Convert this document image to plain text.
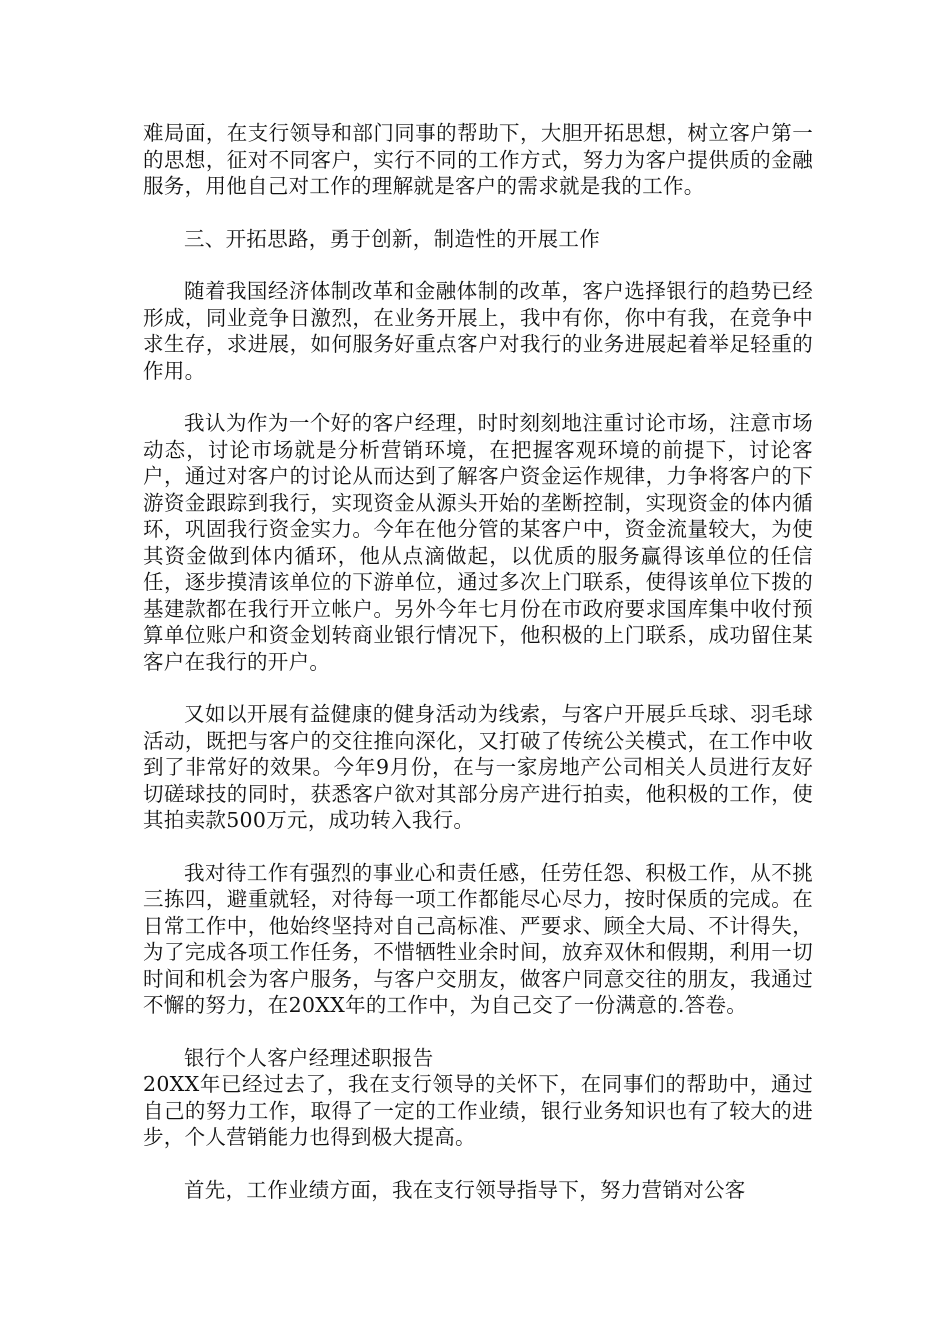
难局面，在支行领导和部门同事的帮助下，大胆开拓思想，树立客户第一的思想，征对不同客户，实行不同的工作方式，努力为客户提供质的金融服务，用他自己对工作的理解就是客户的需求就是我的工作。

三、开拓思路，勇于创新，制造性的开展工作

随着我国经济体制改革和金融体制的改革，客户选择银行的趋势已经形成，同业竞争日激烈，在业务开展上，我中有你，你中有我，在竞争中求生存，求进展，如何服务好重点客户对我行的业务进展起着举足轻重的作用。

我认为作为一个好的客户经理，时时刻刻地注重讨论市场，注意市场动态，讨论市场就是分析营销环境，在把握客观环境的前提下，讨论客户，通过对客户的讨论从而达到了解客户资金运作规律，力争将客户的下游资金跟踪到我行，实现资金从源头开始的垄断控制，实现资金的体内循环，巩固我行资金实力。今年在他分管的某客户中，资金流量较大，为使其资金做到体内循环，他从点滴做起，以优质的服务赢得该单位的任信任，逐步摸清该单位的下游单位，通过多次上门联系，使得该单位下拨的基建款都在我行开立帐户。另外今年七月份在市政府要求国库集中收付预算单位账户和资金划转商业银行情况下，他积极的上门联系，成功留住某客户在我行的开户。

又如以开展有益健康的健身活动为线索，与客户开展乒乓球、羽毛球活动，既把与客户的交往推向深化，又打破了传统公关模式，在工作中收到了非常好的效果。今年9月份，在与一家房地产公司相关人员进行友好切磋球技的同时，获悉客户欲对其部分房产进行拍卖，他积极的工作，使其拍卖款500万元，成功转入我行。

我对待工作有强烈的事业心和责任感，任劳任怨、积极工作，从不挑三拣四，避重就轻，对待每一项工作都能尽心尽力，按时保质的完成。在日常工作中，他始终坚持对自己高标准、严要求、顾全大局、不计得失，为了完成各项工作任务，不惜牺牲业余时间，放弃双休和假期，利用一切时间和机会为客户服务，与客户交朋友，做客户同意交往的朋友，我通过不懈的努力，在20XX年的工作中，为自己交了一份满意的.答卷。

银行个人客户经理述职报告

20XX年已经过去了，我在支行领导的关怀下，在同事们的帮助中，通过自己的努力工作，取得了一定的工作业绩，银行业务知识也有了较大的进步，个人营销能力也得到极大提高。

首先，工作业绩方面，我在支行领导指导下，努力营销对公客
